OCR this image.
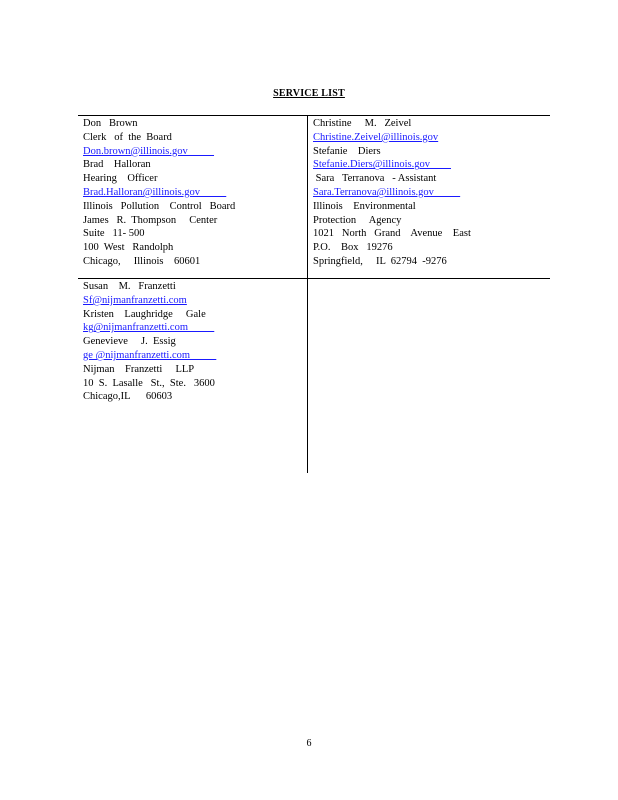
SERVICE LIST
Don   Brown
Clerk   of  the  Board
Don.brown@illinois.gov
Brad    Halloran
Hearing    Officer
Brad.Halloran@illinois.gov
Illinois   Pollution    Control   Board
James   R.  Thompson     Center
Suite   11- 500
100  West   Randolph
Chicago,     Illinois    60601
Christine     M.   Zeivel
Christine.Zeivel@illinois.gov
Stefanie    Diers
Stefanie.Diers@illinois.gov
Sara   Terranova   - Assistant
Sara.Terranova@illinois.gov
Illinois    Environmental
Protection     Agency
1021   North   Grand    Avenue    East
P.O.    Box   19276
Springfield,     IL  62794  -9276
Susan    M.   Franzetti
Sf@nijmanfranzetti.com
Kristen    Laughridge     Gale
kg@nijmanfranzetti.com
Genevieve     J.  Essig
ge @nijmanfranzetti.com
Nijman    Franzetti     LLP
10  S.  Lasalle   St.,  Ste.   3600
Chicago,IL      60603
6
